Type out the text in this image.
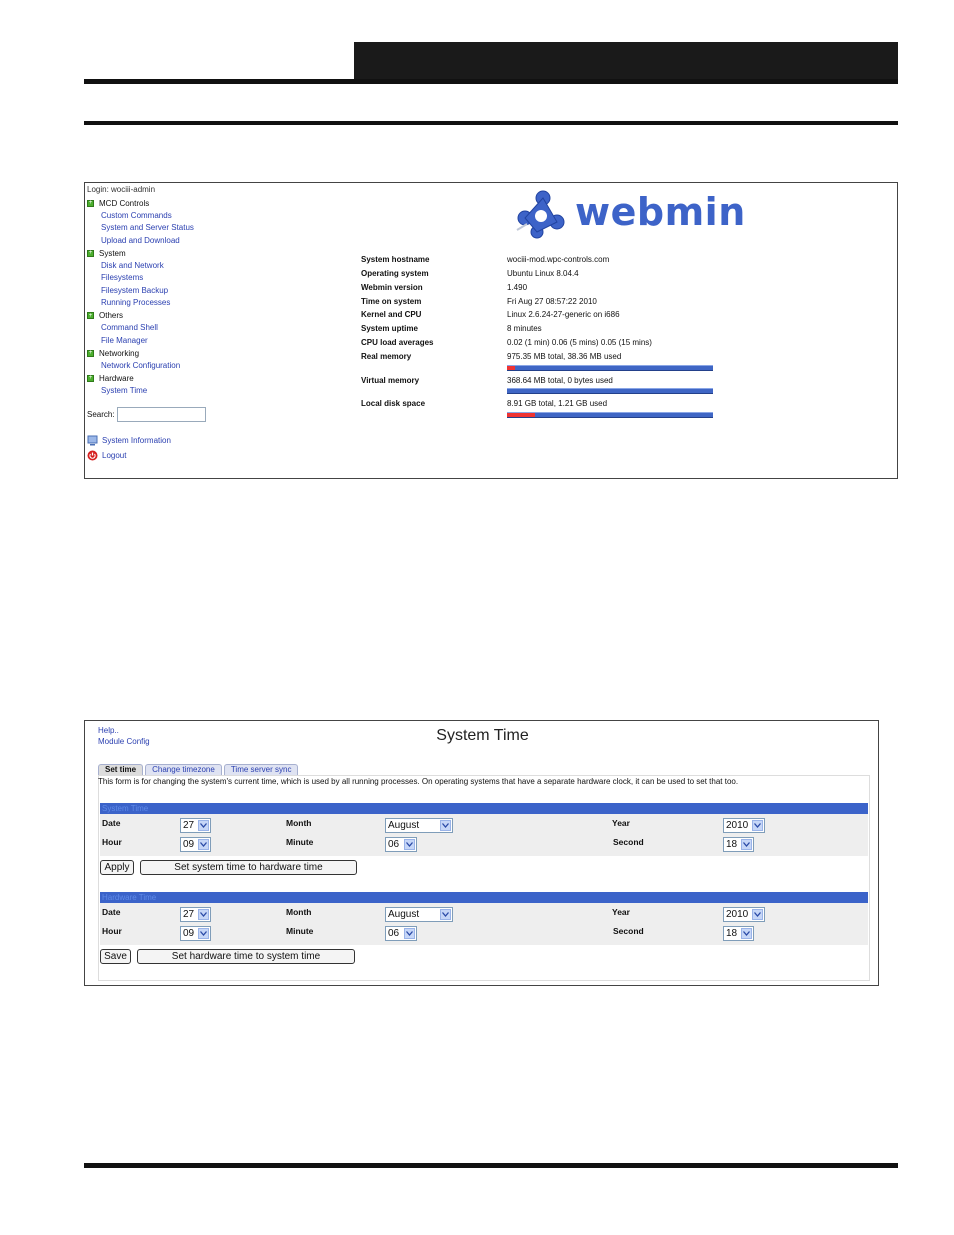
Login: wociii-admin
+ MCD Controls
Custom Commands
System and Server Status
Upload and Download
+ System
Disk and Network
Filesystems
Filesystem Backup
Running Processes
+ Others
Command Shell
File Manager
+ Networking
Network Configuration
+ Hardware
System Time
Search:
System Information
Logout
webmin
System hostname	wociii-mod.wpc-controls.com
Operating system	Ubuntu Linux 8.04.4
Webmin version	1.490
Time on system	Fri Aug 27 08:57:22 2010
Kernel and CPU	Linux 2.6.24-27-generic on i686
System uptime	8 minutes
CPU load averages	0.02 (1 min) 0.06 (5 mins) 0.05 (15 mins)
Real memory	975.35 MB total, 38.36 MB used
Virtual memory	368.64 MB total, 0 bytes used
Local disk space	8.91 GB total, 1.21 GB used
Help..
Module Config	System Time
Set time	Change timezone	Time server sync
This form is for changing the system's current time, which is used by all running processes. On operating systems that have a separate hardware clock, it can be used to set that too.
System Time
Date	27	Month	August	Year	2010
Hour	09	Minute	06	Second	18
Apply	Set system time to hardware time
Hardware Time
Date	27	Month	August	Year	2010
Hour	09	Minute	06	Second	18
Save	Set hardware time to system time
